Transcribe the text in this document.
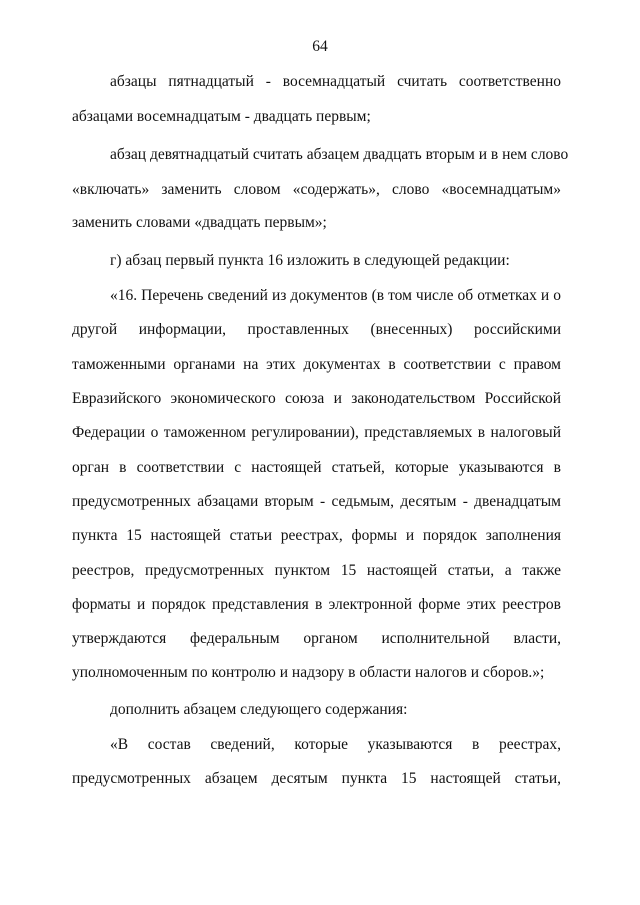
64
абзацы пятнадцатый - восемнадцатый считать соответственно
абзацами восемнадцатым - двадцать первым;
абзац девятнадцатый считать абзацем двадцать вторым и в нем слово
«включать» заменить словом «содержать», слово «восемнадцатым»
заменить словами «двадцать первым»;
г) абзац первый пункта 16 изложить в следующей редакции:
«16. Перечень сведений из документов (в том числе об отметках и о
другой информации, проставленных (внесенных) российскими
таможенными органами на этих документах в соответствии с правом
Евразийского экономического союза и законодательством Российской
Федерации о таможенном регулировании), представляемых в налоговый
орган в соответствии с настоящей статьей, которые указываются в
предусмотренных абзацами вторым - седьмым, десятым - двенадцатым
пункта 15 настоящей статьи реестрах, формы и порядок заполнения
реестров, предусмотренных пунктом 15 настоящей статьи, а также
форматы и порядок представления в электронной форме этих реестров
утверждаются федеральным органом исполнительной власти,
уполномоченным по контролю и надзору в области налогов и сборов.»;
дополнить абзацем следующего содержания:
«В состав сведений, которые указываются в реестрах,
предусмотренных абзацем десятым пункта 15 настоящей статьи,
